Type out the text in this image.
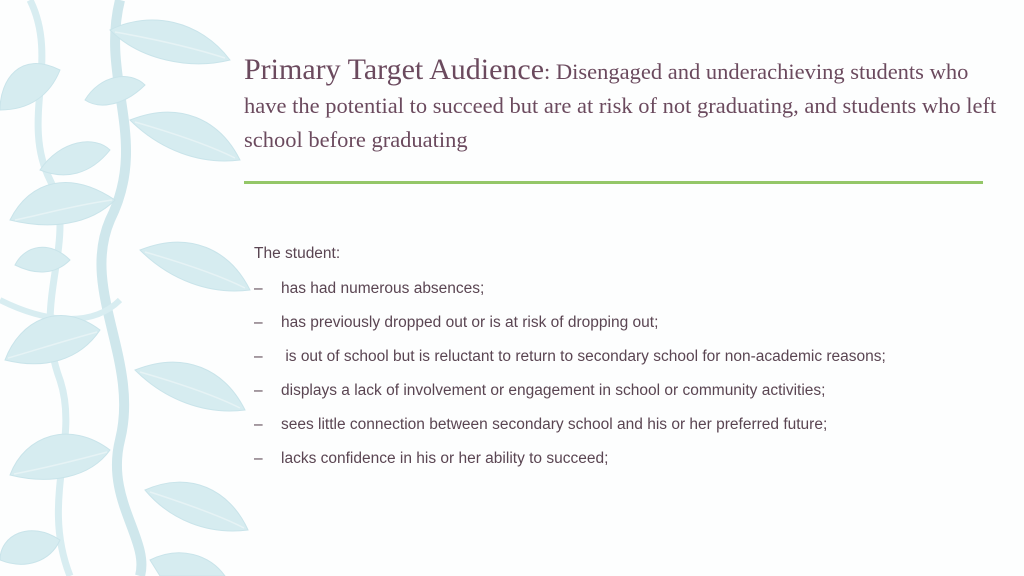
Primary Target Audience: Disengaged and underachieving students who have the potential to succeed but are at risk of not graduating, and students who left school before graduating
The student:
–	has had numerous absences;
–	has previously dropped out or is at risk of dropping out;
–	is out of school but is reluctant to return to secondary school for non-academic reasons;
–	displays a lack of involvement or engagement in school or community activities;
–	sees little connection between secondary school and his or her preferred future;
–	lacks confidence in his or her ability to succeed;
